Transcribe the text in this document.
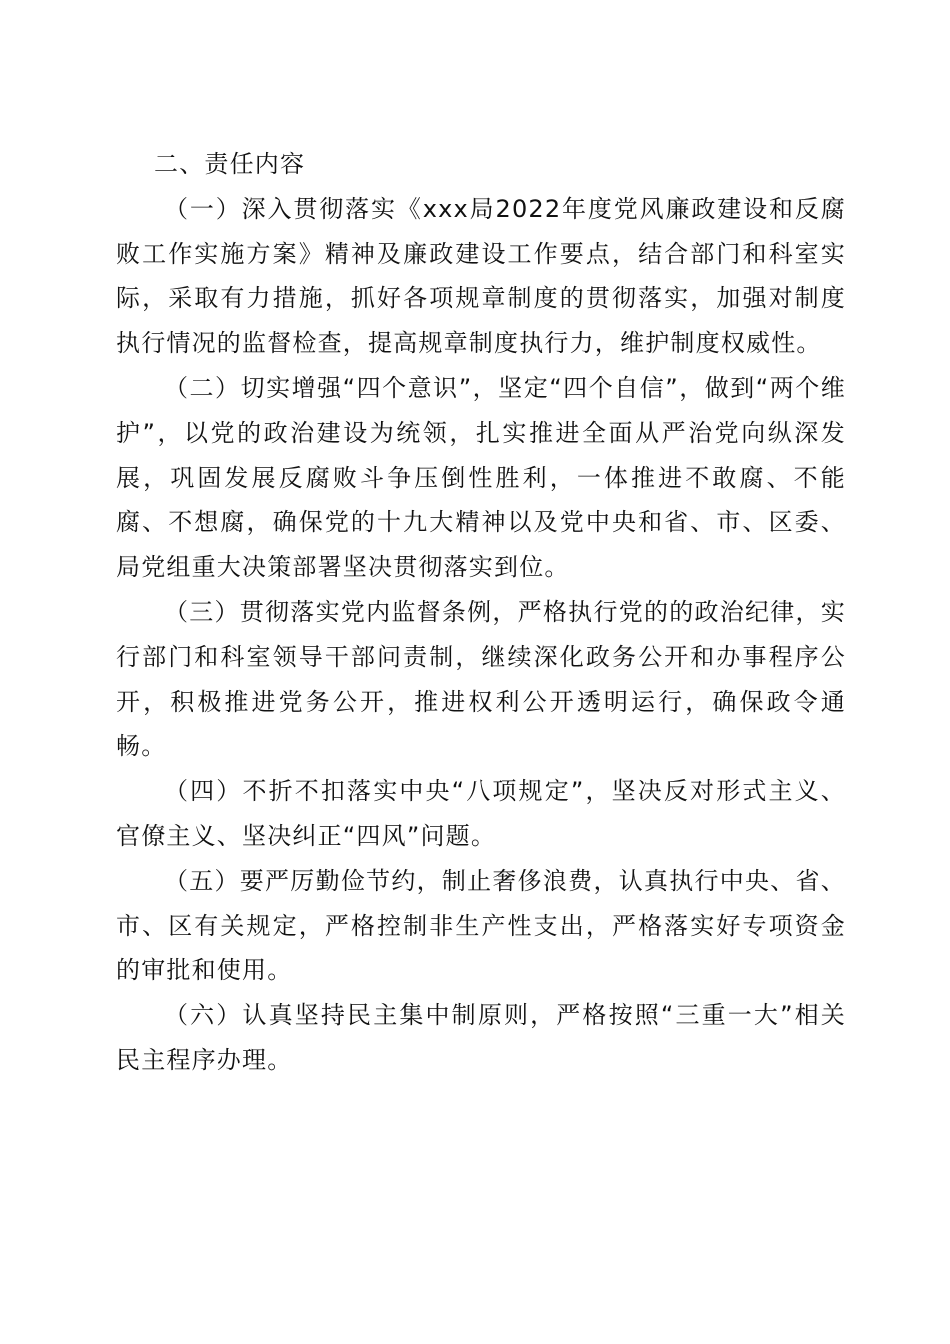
二、责任内容

（一）深入贯彻落实《xxx局2022年度党风廉政建设和反腐败工作实施方案》精神及廉政建设工作要点，结合部门和科室实际，采取有力措施，抓好各项规章制度的贯彻落实，加强对制度执行情况的监督检查，提高规章制度执行力，维护制度权威性。

（二）切实增强“四个意识”，坚定“四个自信”，做到“两个维护”，以党的政治建设为统领，扎实推进全面从严治党向纵深发展，巩固发展反腐败斗争压倒性胜利，一体推进不敢腐、不能腐、不想腐，确保党的十九大精神以及党中央和省、市、区委、局党组重大决策部署坚决贯彻落实到位。

（三）贯彻落实党内监督条例，严格执行党的的政治纪律，实行部门和科室领导干部问责制，继续深化政务公开和办事程序公开，积极推进党务公开，推进权利公开透明运行，确保政令通畅。

（四）不折不扣落实中央“八项规定”，坚决反对形式主义、官僚主义、坚决纠正“四风”问题。

（五）要严厉勤俭节约，制止奢侈浪费，认真执行中央、省、市、区有关规定，严格控制非生产性支出，严格落实好专项资金的审批和使用。

（六）认真坚持民主集中制原则，严格按照“三重一大”相关民主程序办理。
